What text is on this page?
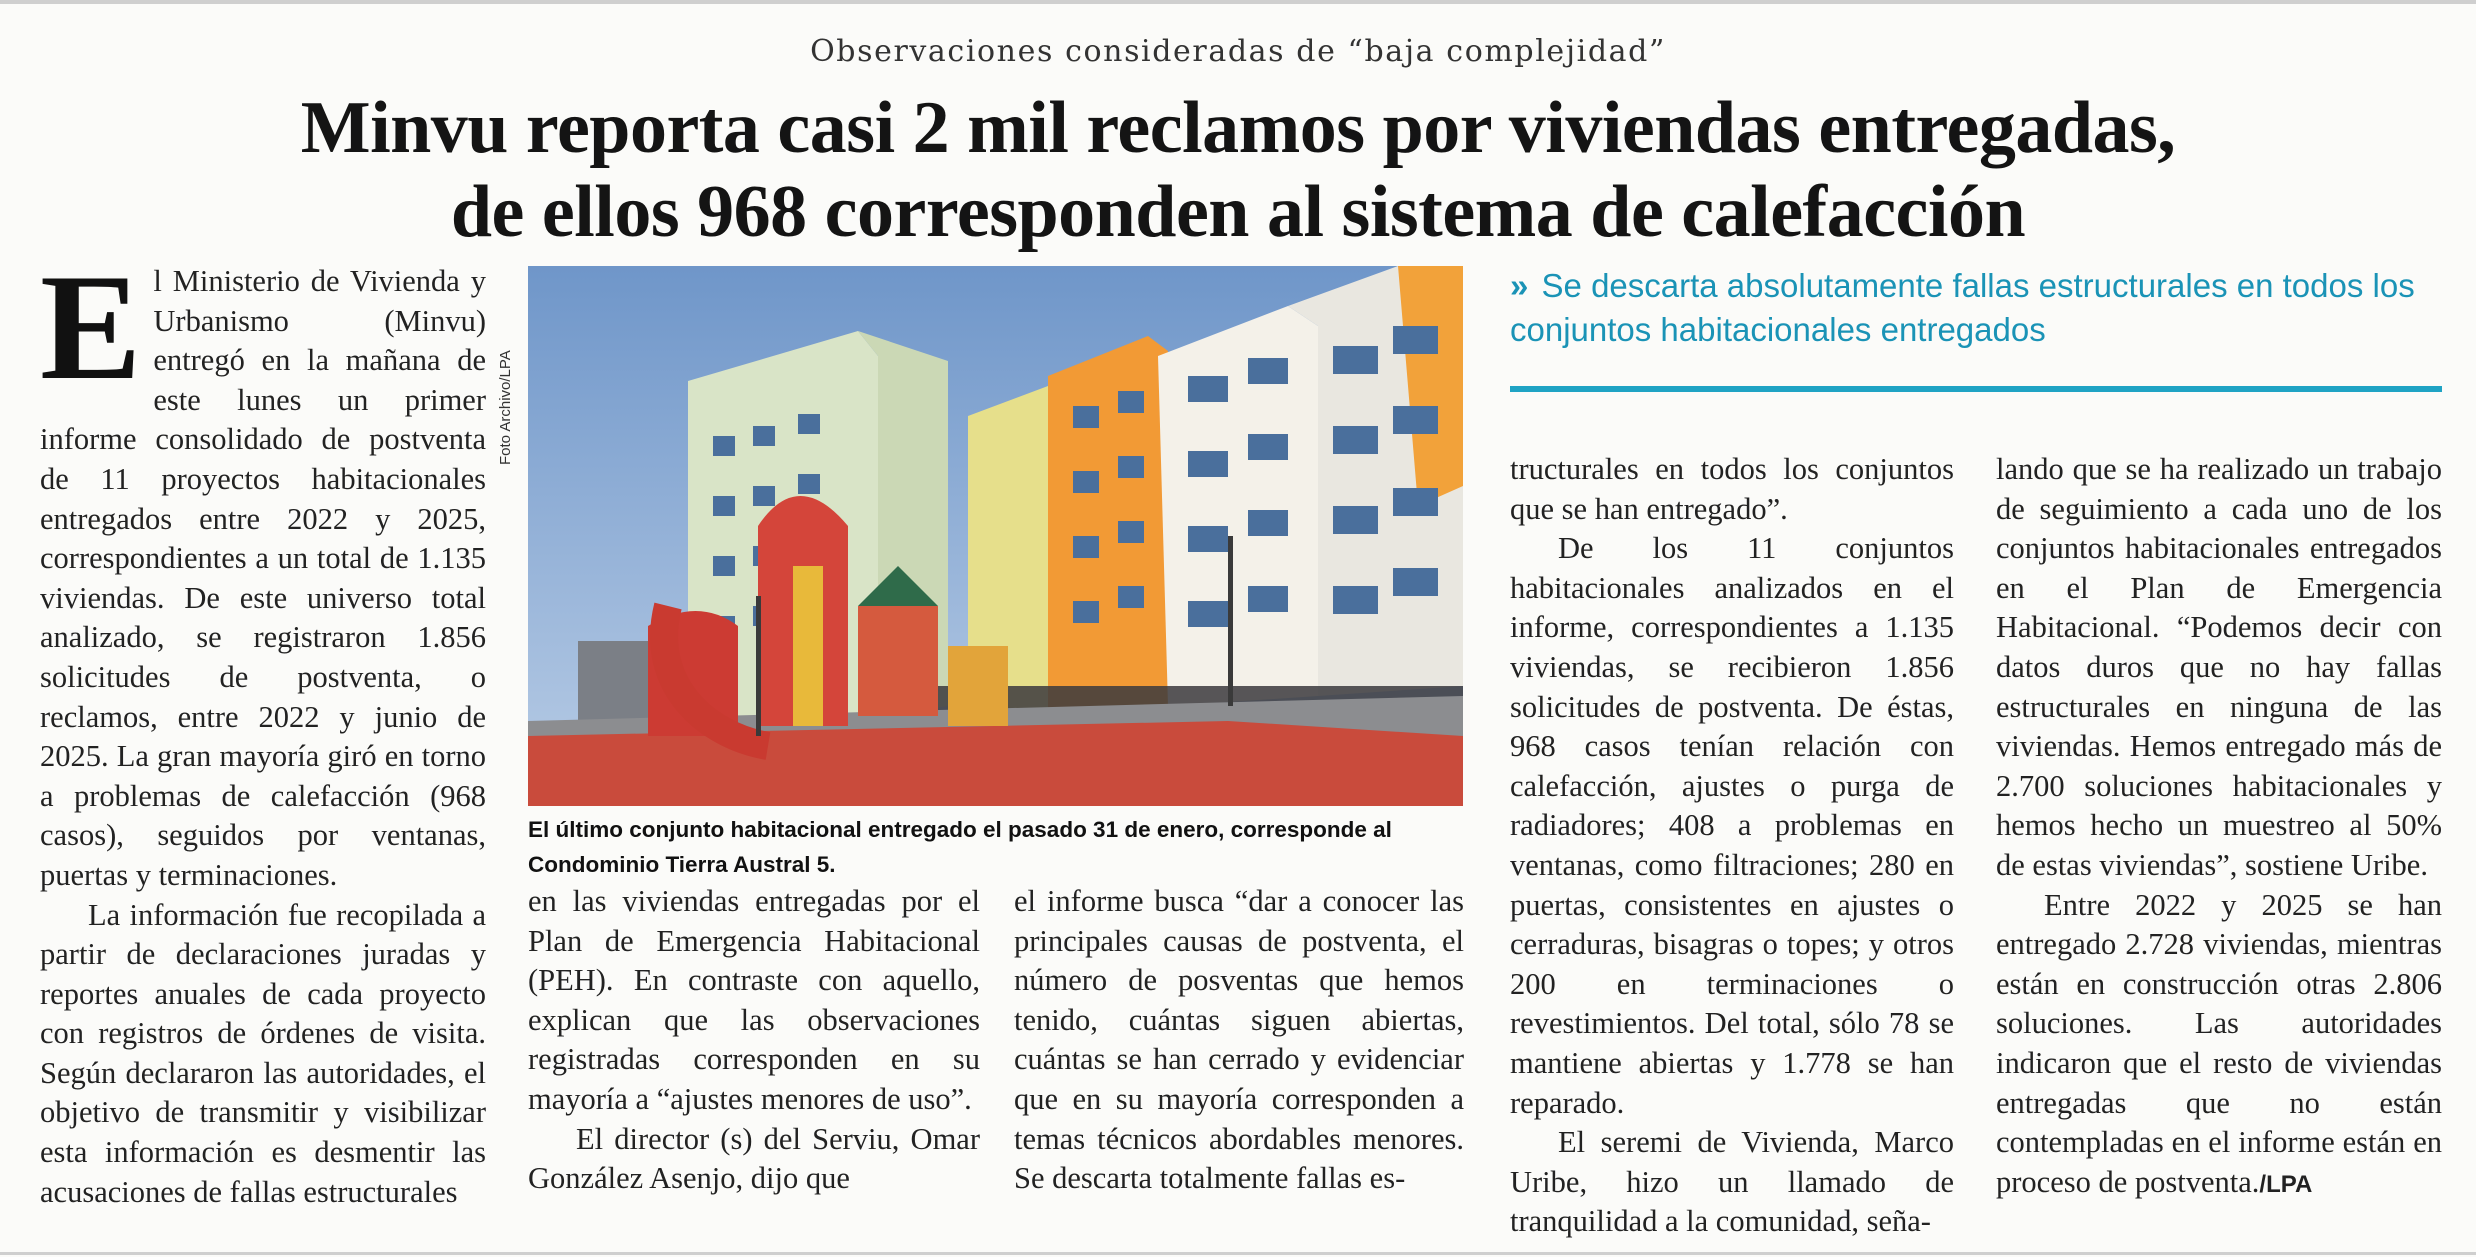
Observaciones consideradas de “baja complejidad”
Minvu reporta casi 2 mil reclamos por viviendas entregadas,
de ellos 968 corresponden al sistema de calefacción

El Ministerio de Vivienda y Urbanismo (Minvu) entregó en la mañana de este lunes un primer informe consolidado de postventa de 11 proyectos habitacionales entregados entre 2022 y 2025, correspondientes a un total de 1.135 viviendas. De este universo total analizado, se registraron 1.856 solicitudes de postventa, o reclamos, entre 2022 y junio de 2025. La gran mayoría giró en torno a problemas de calefacción (968 casos), seguidos por ventanas, puertas y terminaciones.

La información fue recopilada a partir de declaraciones juradas y reportes anuales de cada proyecto con registros de órdenes de visita. Según declararon las autoridades, el objetivo de transmitir y visibilizar esta información es desmentir las acusaciones de fallas estructurales

Foto Archivo/LPA
El último conjunto habitacional entregado el pasado 31 de enero, corresponde al Condominio Tierra Austral 5.

en las viviendas entregadas por el Plan de Emergencia Habitacional (PEH). En contraste con aquello, explican que las observaciones registradas corresponden en su mayoría a “ajustes menores de uso”.

El director (s) del Serviu, Omar González Asenjo, dijo que

el informe busca “dar a conocer las principales causas de postventa, el número de posventas que hemos tenido, cuántas siguen abiertas, cuántas se han cerrado y evidenciar que en su mayoría corresponden a temas técnicos abordables menores. Se descarta totalmente fallas es-

» Se descarta absolutamente fallas estructurales en todos los conjuntos habitacionales entregados

tructurales en todos los conjuntos que se han entregado”.

De los 11 conjuntos habitacionales analizados en el informe, correspondientes a 1.135 viviendas, se recibieron 1.856 solicitudes de postventa. De éstas, 968 casos tenían relación con calefacción, ajustes o purga de radiadores; 408 a problemas en ventanas, como filtraciones; 280 en puertas, consistentes en ajustes o cerraduras, bisagras o topes; y otros 200 en terminaciones o revestimientos. Del total, sólo 78 se mantiene abiertas y 1.778 se han reparado.

El seremi de Vivienda, Marco Uribe, hizo un llamado de tranquilidad a la comunidad, seña-

lando que se ha realizado un trabajo de seguimiento a cada uno de los conjuntos habitacionales entregados en el Plan de Emergencia Habitacional. “Podemos decir con datos duros que no hay fallas estructurales en ninguna de las viviendas. Hemos entregado más de 2.700 soluciones habitacionales y hemos hecho un muestreo al 50% de estas viviendas”, sostiene Uribe.

Entre 2022 y 2025 se han entregado 2.728 viviendas, mientras están en construcción otras 2.806 soluciones. Las autoridades indicaron que el resto de viviendas entregadas que no están contempladas en el informe están en proceso de postventa./LPA
